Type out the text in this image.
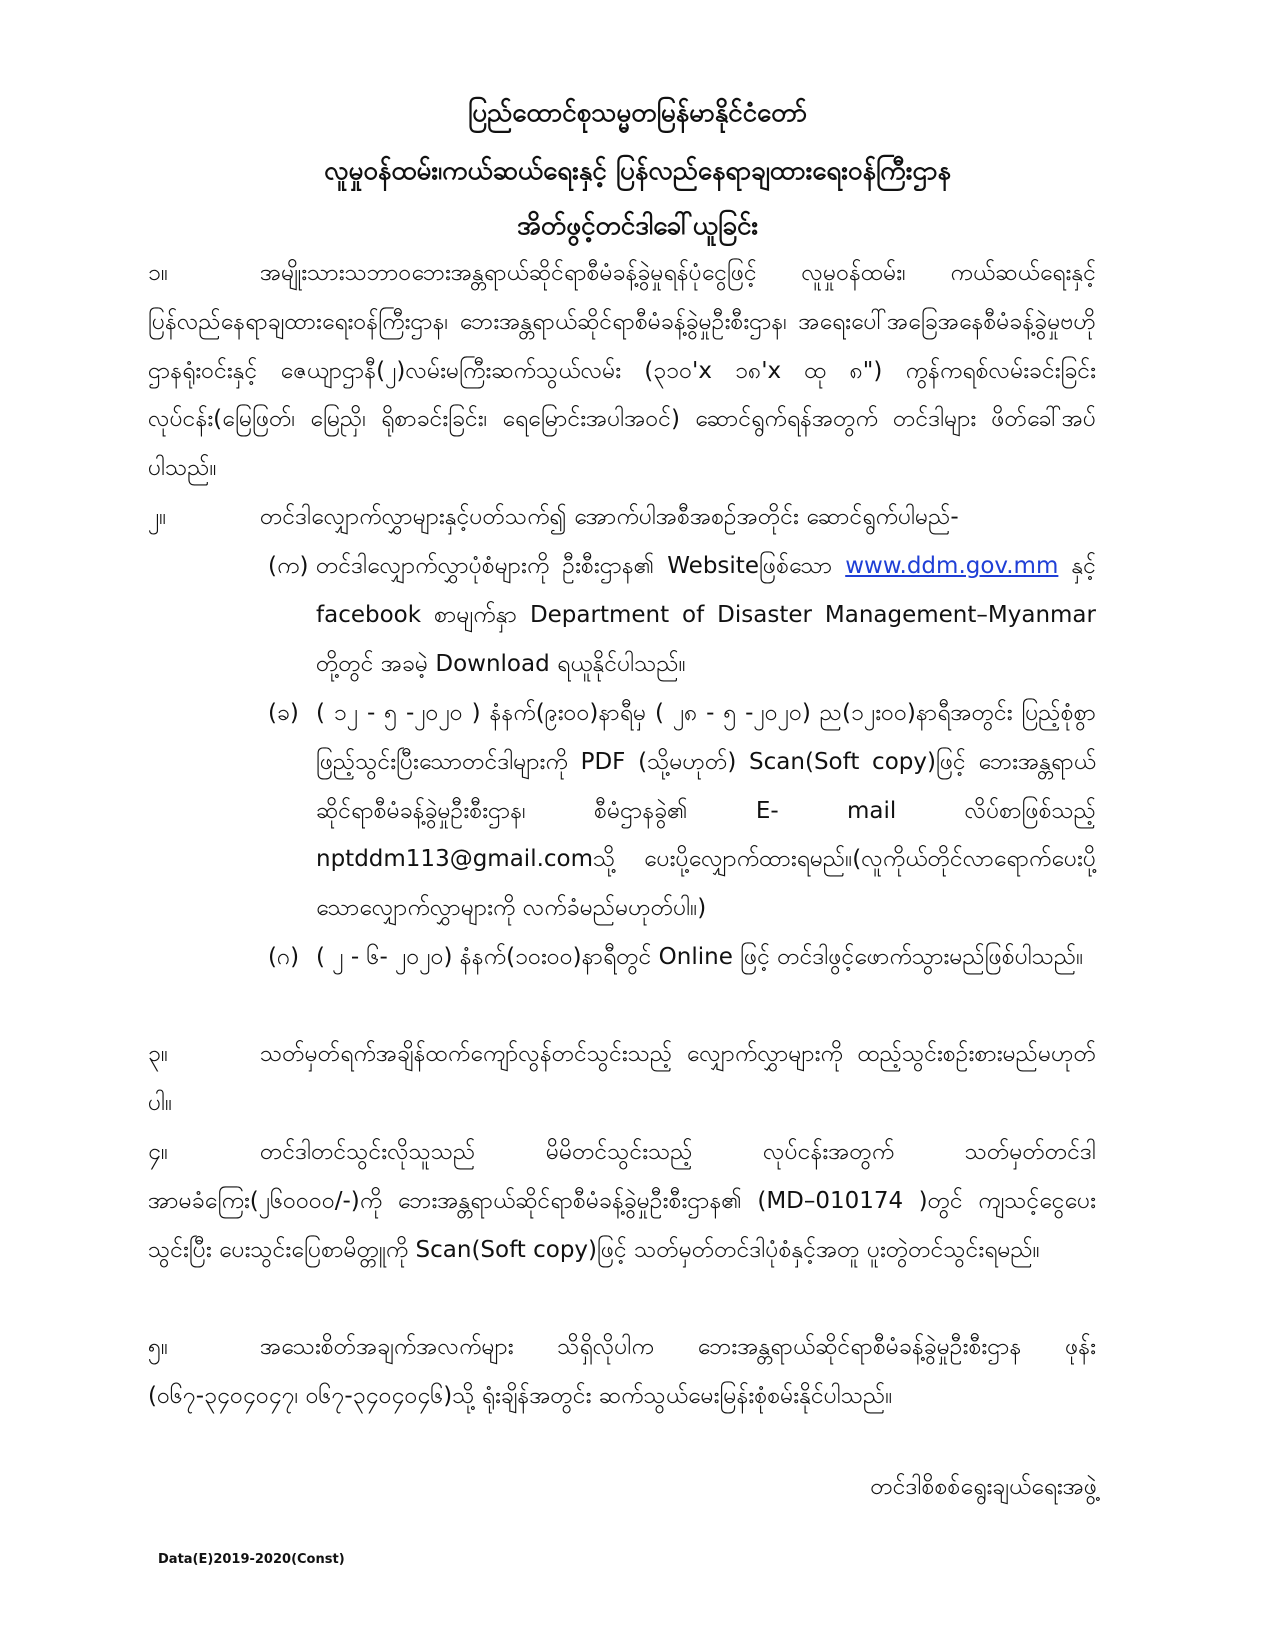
ပြည်ထောင်စုသမ္မတမြန်မာနိုင်ငံတော်
လူမှုဝန်ထမ်း၊ကယ်ဆယ်ရေးနှင့် ပြန်လည်နေရာချထားရေးဝန်ကြီးဌာန
အိတ်ဖွင့်တင်ဒါခေါ်ယူခြင်း
၁။	အမျိုးသားသဘာဝဘေးအန္တရာယ်ဆိုင်ရာစီမံခန့်ခွဲမှုရန်ပုံငွေဖြင့် လူမှုဝန်ထမ်း၊ ကယ်ဆယ်ရေးနှင့် ပြန်လည်နေရာချထားရေးဝန်ကြီးဌာန၊ ဘေးအန္တရာယ်ဆိုင်ရာစီမံခန့်ခွဲမှုဦးစီးဌာန၊ အရေးပေါ်အခြေအနေစီမံခန့်ခွဲမှုဗဟိုဌာနရုံးဝင်းနှင့် ဇေယျာဌာနီ(၂)လမ်းမကြီးဆက်သွယ်လမ်း (၃၁၀'x ၁၈'x ထု ၈") ကွန်ကရစ်လမ်းခင်းခြင်းလုပ်ငန်း(မြေဖြတ်၊ မြေညှိ၊ ရိုစာခင်းခြင်း၊ ရေမြောင်းအပါအဝင်) ဆောင်ရွက်ရန်အတွက် တင်ဒါများ ဖိတ်ခေါ်အပ်ပါသည်။
၂။	တင်ဒါလျှောက်လွှာများနှင့်ပတ်သက်၍ အောက်ပါအစီအစဉ်အတိုင်း ဆောင်ရွက်ပါမည်-
(က) တင်ဒါလျှောက်လွှာပုံစံများကို ဦးစီးဌာန၏ Websiteဖြစ်သော www.ddm.gov.mm နှင့် facebook စာမျက်နှာ Department of Disaster Management–Myanmar တို့တွင် အခမဲ့ Download ရယူနိုင်ပါသည်။
(ခ) ( ၁၂ - ၅ -၂၀၂၀ ) နံနက်(၉း၀၀)နာရီမှ ( ၂၈ - ၅ -၂၀၂၀) ည(၁၂း၀၀)နာရီအတွင်း ပြည့်စုံစွာဖြည့်သွင်းပြီးသောတင်ဒါများကို PDF (သို့မဟုတ်) Scan(Soft copy)ဖြင့် ဘေးအန္တရာယ်ဆိုင်ရာစီမံခန့်ခွဲမှုဦးစီးဌာန၊ စီမံဌာနခွဲ၏ E- mail လိပ်စာဖြစ်သည့် nptddm113@gmail.comသို့ ပေးပို့လျှောက်ထားရမည်။(လူကိုယ်တိုင်လာရောက်ပေးပို့သောလျှောက်လွှာများကို လက်ခံမည်မဟုတ်ပါ။)
(ဂ) ( ၂ - ၆- ၂၀၂၀) နံနက်(၁၀း၀၀)နာရီတွင် Online ဖြင့် တင်ဒါဖွင့်ဖောက်သွားမည်ဖြစ်ပါသည်။
၃။	သတ်မှတ်ရက်အချိန်ထက်ကျော်လွန်တင်သွင်းသည့် လျှောက်လွှာများကို ထည့်သွင်းစဉ်းစားမည်မဟုတ်ပါ။
၄။	တင်ဒါတင်သွင်းလိုသူသည် မိမိတင်သွင်းသည့် လုပ်ငန်းအတွက် သတ်မှတ်တင်ဒါ အာမခံကြေး(၂၆၀၀၀၀/-)ကို ဘေးအန္တရာယ်ဆိုင်ရာစီမံခန့်ခွဲမှုဦးစီးဌာန၏ (MD–010174 )တွင် ကျသင့်ငွေပေးသွင်းပြီး ပေးသွင်းပြေစာမိတ္တူကို Scan(Soft copy)ဖြင့် သတ်မှတ်တင်ဒါပုံစံနှင့်အတူ ပူးတွဲတင်သွင်းရမည်။
၅။	အသေးစိတ်အချက်အလက်များ သိရှိလိုပါက ဘေးအန္တရာယ်ဆိုင်ရာစီမံခန့်ခွဲမှုဦးစီးဌာန ဖုန်း (၀၆၇-၃၄၀၄၀၄၇၊ ၀၆၇-၃၄၀၄၀၄၆)သို့ ရုံးချိန်အတွင်း ဆက်သွယ်မေးမြန်းစုံစမ်းနိုင်ပါသည်။
တင်ဒါစိစစ်ရွေးချယ်ရေးအဖွဲ့
Data(E)2019-2020(Const)
